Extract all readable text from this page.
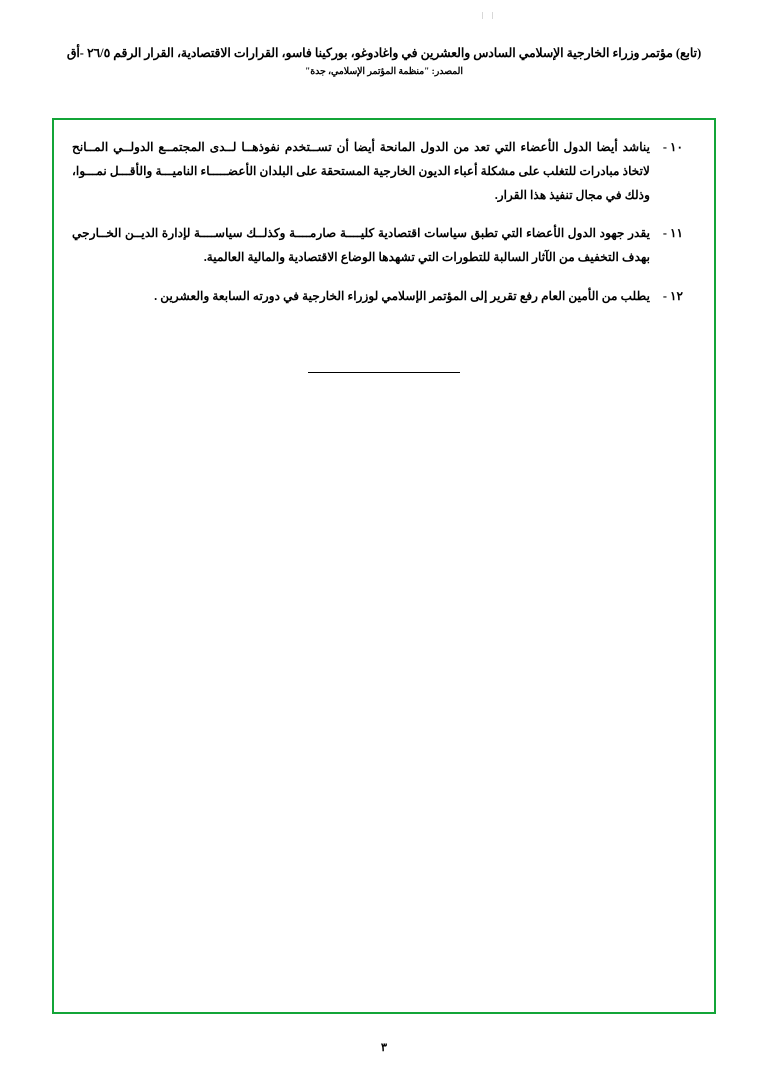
(تابع) مؤتمر وزراء الخارجية الإسلامي السادس والعشرين في واغادوغو، بوركينا فاسو، القرارات الاقتصادية، القرار الرقم ٢٦/٥ -أق
المصدر: "منظمة المؤتمر الإسلامي، جدة"
١٠ -
يناشد أيضا الدول الأعضاء التي تعد من الدول المانحة أيضا أن تســتخدم نفوذهــا لــدى المجتمــع الدولــي المــانح لاتخاذ مبادرات للتغلب على مشكلة أعباء الديون الخارجية المستحقة على البلدان الأعضـــــاء الناميـــة والأقـــل نمـــوا، وذلك في مجال تنفيذ هذا القرار.
١١ -
يقدر جهود الدول الأعضاء التي تطبق سياسات اقتصادية كليــــة صارمــــة وكذلــك سياســــة لإدارة الديــن الخــارجي بهدف التخفيف من الآثار السالبة للتطورات التي تشهدها الوضاع الاقتصادية والمالية العالمية.
١٢ -
يطلب من الأمين العام رفع تقرير إلى المؤتمر الإسلامي لوزراء الخارجية في دورته السابعة والعشرين .
٣
